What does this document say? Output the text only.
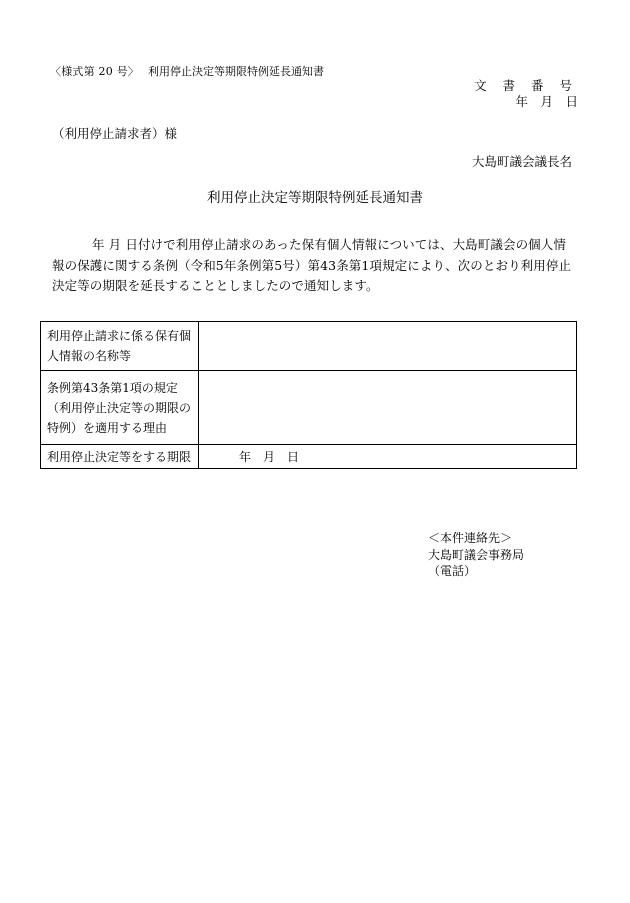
〈様式第 20 号〉 利用停止決定等期限特例延長通知書
文 書 番 号
年　月　日
（利用停止請求者）様
大島町議会議長名
利用停止決定等期限特例延長通知書
年 月 日付けで利用停止請求のあった保有個人情報については、大島町議会の個人情報の保護に関する条例（令和5年条例第5号）第43条第1項規定により、次のとおり利用停止決定等の期限を延長することとしましたので通知します。
利用停止請求に係る保有個人情報の名称等	
条例第43条第1項の規定（利用停止決定等の期限の特例）を適用する理由	
利用停止決定等をする期限	年　月　日
＜本件連絡先＞
大島町議会事務局
（電話）
